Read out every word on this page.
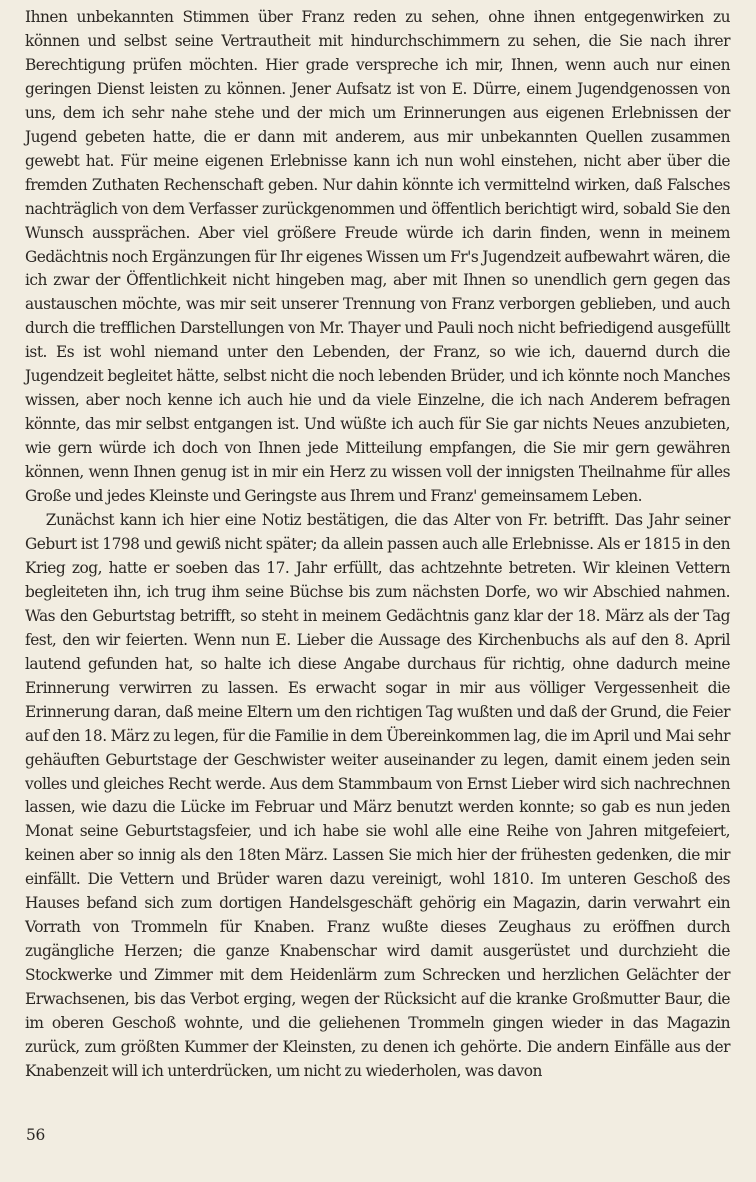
Ihnen unbekannten Stimmen über Franz reden zu sehen, ohne ihnen entgegenwirken zu können und selbst seine Vertrautheit mit hindurchschimmern zu sehen, die Sie nach ihrer Berechtigung prüfen möchten. Hier grade verspreche ich mir, Ihnen, wenn auch nur einen geringen Dienst leisten zu können. Jener Aufsatz ist von E. Dürre, einem Jugendgenossen von uns, dem ich sehr nahe stehe und der mich um Erinnerungen aus eigenen Erlebnissen der Jugend gebeten hatte, die er dann mit anderem, aus mir unbekannten Quellen zusammen gewebt hat. Für meine eigenen Erlebnisse kann ich nun wohl einstehen, nicht aber über die fremden Zuthaten Rechenschaft geben. Nur dahin könnte ich vermittelnd wirken, daß Falsches nachträglich von dem Verfasser zurückgenommen und öffentlich berichtigt wird, sobald Sie den Wunsch aussprächen. Aber viel größere Freude würde ich darin finden, wenn in meinem Gedächtnis noch Ergänzungen für Ihr eigenes Wissen um Fr's Jugendzeit aufbewahrt wären, die ich zwar der Öffentlichkeit nicht hingeben mag, aber mit Ihnen so unendlich gern gegen das austauschen möchte, was mir seit unserer Trennung von Franz verborgen geblieben, und auch durch die trefflichen Darstellungen von Mr. Thayer und Pauli noch nicht befriedigend ausgefüllt ist. Es ist wohl niemand unter den Lebenden, der Franz, so wie ich, dauernd durch die Jugendzeit begleitet hätte, selbst nicht die noch lebenden Brüder, und ich könnte noch Manches wissen, aber noch kenne ich auch hie und da viele Einzelne, die ich nach Anderem befragen könnte, das mir selbst entgangen ist. Und wüßte ich auch für Sie gar nichts Neues anzubieten, wie gern würde ich doch von Ihnen jede Mitteilung empfangen, die Sie mir gern gewähren können, wenn Ihnen genug ist in mir ein Herz zu wissen voll der innigsten Theilnahme für alles Große und jedes Kleinste und Geringste aus Ihrem und Franz' gemeinsamem Leben.

Zunächst kann ich hier eine Notiz bestätigen, die das Alter von Fr. betrifft. Das Jahr seiner Geburt ist 1798 und gewiß nicht später; da allein passen auch alle Erlebnisse. Als er 1815 in den Krieg zog, hatte er soeben das 17. Jahr erfüllt, das achtzehnte betreten. Wir kleinen Vettern begleiteten ihn, ich trug ihm seine Büchse bis zum nächsten Dorfe, wo wir Abschied nahmen. Was den Geburtstag betrifft, so steht in meinem Gedächtnis ganz klar der 18. März als der Tag fest, den wir feierten. Wenn nun E. Lieber die Aussage des Kirchenbuchs als auf den 8. April lautend gefunden hat, so halte ich diese Angabe durchaus für richtig, ohne dadurch meine Erinnerung verwirren zu lassen. Es erwacht sogar in mir aus völliger Vergessenheit die Erinnerung daran, daß meine Eltern um den richtigen Tag wußten und daß der Grund, die Feier auf den 18. März zu legen, für die Familie in dem Übereinkommen lag, die im April und Mai sehr gehäuften Geburtstage der Geschwister weiter auseinander zu legen, damit einem jeden sein volles und gleiches Recht werde. Aus dem Stammbaum von Ernst Lieber wird sich nachrechnen lassen, wie dazu die Lücke im Februar und März benutzt werden konnte; so gab es nun jeden Monat seine Geburtstagsfeier, und ich habe sie wohl alle eine Reihe von Jahren mitgefeiert, keinen aber so innig als den 18ten März. Lassen Sie mich hier der frühesten gedenken, die mir einfällt. Die Vettern und Brüder waren dazu vereinigt, wohl 1810. Im unteren Geschoß des Hauses befand sich zum dortigen Handelsgeschäft gehörig ein Magazin, darin verwahrt ein Vorrath von Trommeln für Knaben. Franz wußte dieses Zeughaus zu eröffnen durch zugängliche Herzen; die ganze Knabenschar wird damit ausgerüstet und durchzieht die Stockwerke und Zimmer mit dem Heidenlärm zum Schrecken und herzlichen Gelächter der Erwachsenen, bis das Verbot erging, wegen der Rücksicht auf die kranke Großmutter Baur, die im oberen Geschoß wohnte, und die geliehenen Trommeln gingen wieder in das Magazin zurück, zum größten Kummer der Kleinsten, zu denen ich gehörte. Die andern Einfälle aus der Knabenzeit will ich unterdrücken, um nicht zu wiederholen, was davon

56
